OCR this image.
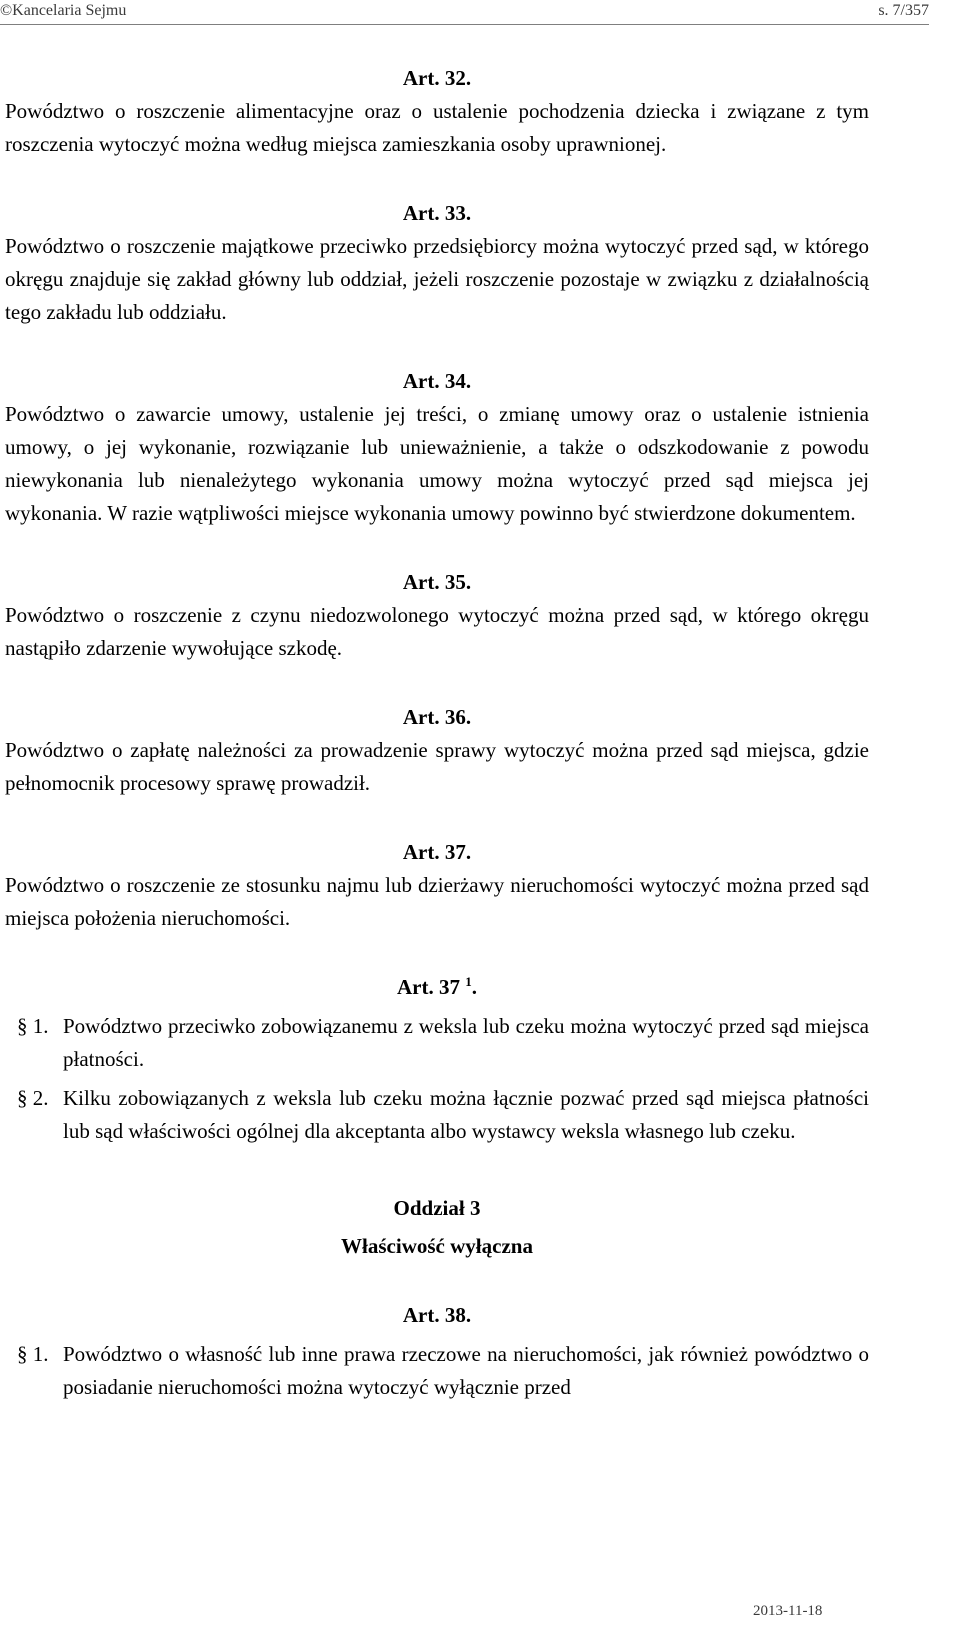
©Kancelaria Sejmu	s. 7/357

Art. 32.

Powództwo o roszczenie alimentacyjne oraz o ustalenie pochodzenia dziecka i związane z tym roszczenia wytoczyć można według miejsca zamieszkania osoby uprawnionej.

Art. 33.

Powództwo o roszczenie majątkowe przeciwko przedsiębiorcy można wytoczyć przed sąd, w którego okręgu znajduje się zakład główny lub oddział, jeżeli roszczenie pozostaje w związku z działalnością tego zakładu lub oddziału.

Art. 34.

Powództwo o zawarcie umowy, ustalenie jej treści, o zmianę umowy oraz o ustalenie istnienia umowy, o jej wykonanie, rozwiązanie lub unieważnienie, a także o odszkodowanie z powodu niewykonania lub nienależytego wykonania umowy można wytoczyć przed sąd miejsca jej wykonania. W razie wątpliwości miejsce wykonania umowy powinno być stwierdzone dokumentem.

Art. 35.

Powództwo o roszczenie z czynu niedozwolonego wytoczyć można przed sąd, w którego okręgu nastąpiło zdarzenie wywołujące szkodę.

Art. 36.

Powództwo o zapłatę należności za prowadzenie sprawy wytoczyć można przed sąd miejsca, gdzie pełnomocnik procesowy sprawę prowadził.

Art. 37.

Powództwo o roszczenie ze stosunku najmu lub dzierżawy nieruchomości wytoczyć można przed sąd miejsca położenia nieruchomości.

Art. 37 $^1$.

§ 1. Powództwo przeciwko zobowiązanemu z weksla lub czeku można wytoczyć przed sąd miejsca płatności.

§ 2. Kilku zobowiązanych z weksla lub czeku można łącznie pozwać przed sąd miejsca płatności lub sąd właściwości ogólnej dla akceptanta albo wystawcy weksla własnego lub czeku.

Oddział 3

Właściwość wyłączna

Art. 38.

§ 1. Powództwo o własność lub inne prawa rzeczowe na nieruchomości, jak również powództwo o posiadanie nieruchomości można wytoczyć wyłącznie przed

2013-11-18
